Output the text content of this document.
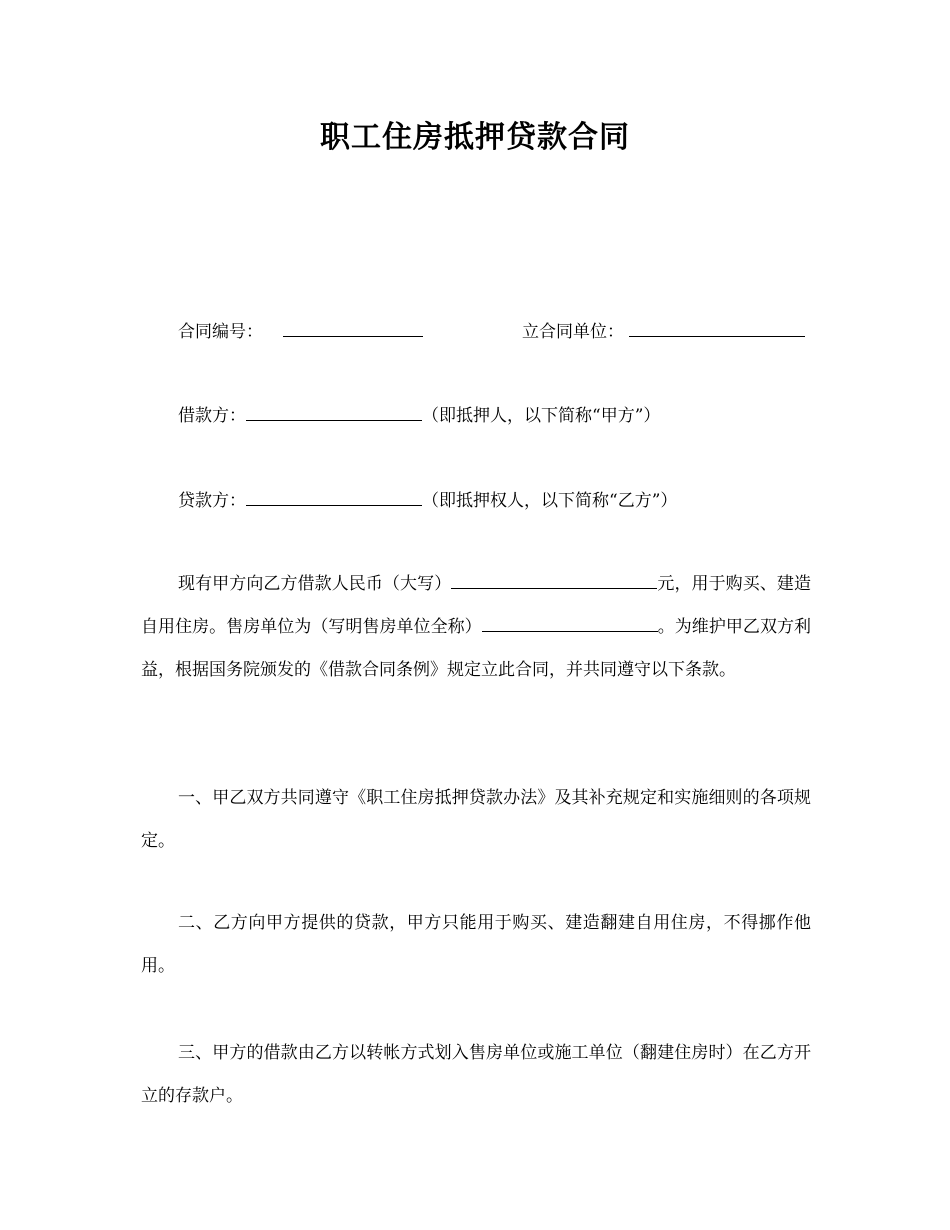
职工住房抵押贷款合同
合同编号：	立合同单位：
借款方：	（即抵押人，以下简称“甲方”）
贷款方：	（即抵押权人，以下简称“乙方”）
现有甲方向乙方借款人民币（大写）	元，用于购买、建造自用住房。售房单位为（写明售房单位全称）	。为维护甲乙双方利益，根据国务院颁发的《借款合同条例》规定立此合同，并共同遵守以下条款。
一、甲乙双方共同遵守《职工住房抵押贷款办法》及其补充规定和实施细则的各项规定。
二、乙方向甲方提供的贷款，甲方只能用于购买、建造翻建自用住房，不得挪作他用。
三、甲方的借款由乙方以转帐方式划入售房单位或施工单位（翻建住房时）在乙方开立的存款户。
